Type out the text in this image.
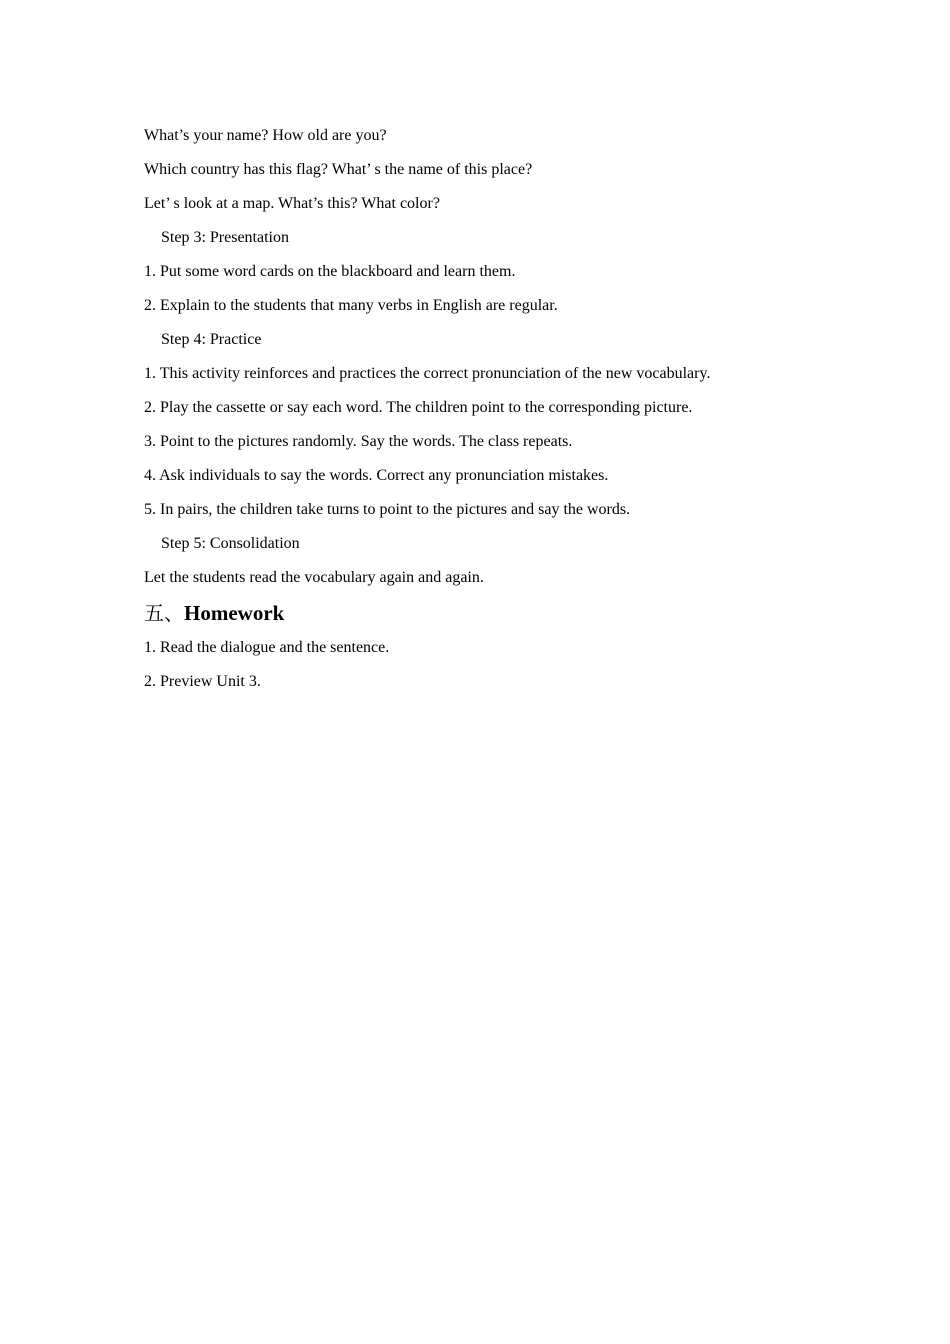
What’s your name? How old are you?
Which country has this flag? What’ s the name of this place?
Let’ s look at a map. What’s this? What color?
Step 3: Presentation
1. Put some word cards on the blackboard and learn them.
2. Explain to the students that many verbs in English are regular.
Step 4: Practice
1. This activity reinforces and practices the correct pronunciation of the new vocabulary.
2. Play the cassette or say each word. The children point to the corresponding picture.
3. Point to the pictures randomly. Say the words. The class repeats.
4. Ask individuals to say the words. Correct any pronunciation mistakes.
5. In pairs, the children take turns to point to the pictures and say the words.
Step 5: Consolidation
Let the students read the vocabulary again and again.
五、Homework
1. Read the dialogue and the sentence.
2. Preview Unit 3.
